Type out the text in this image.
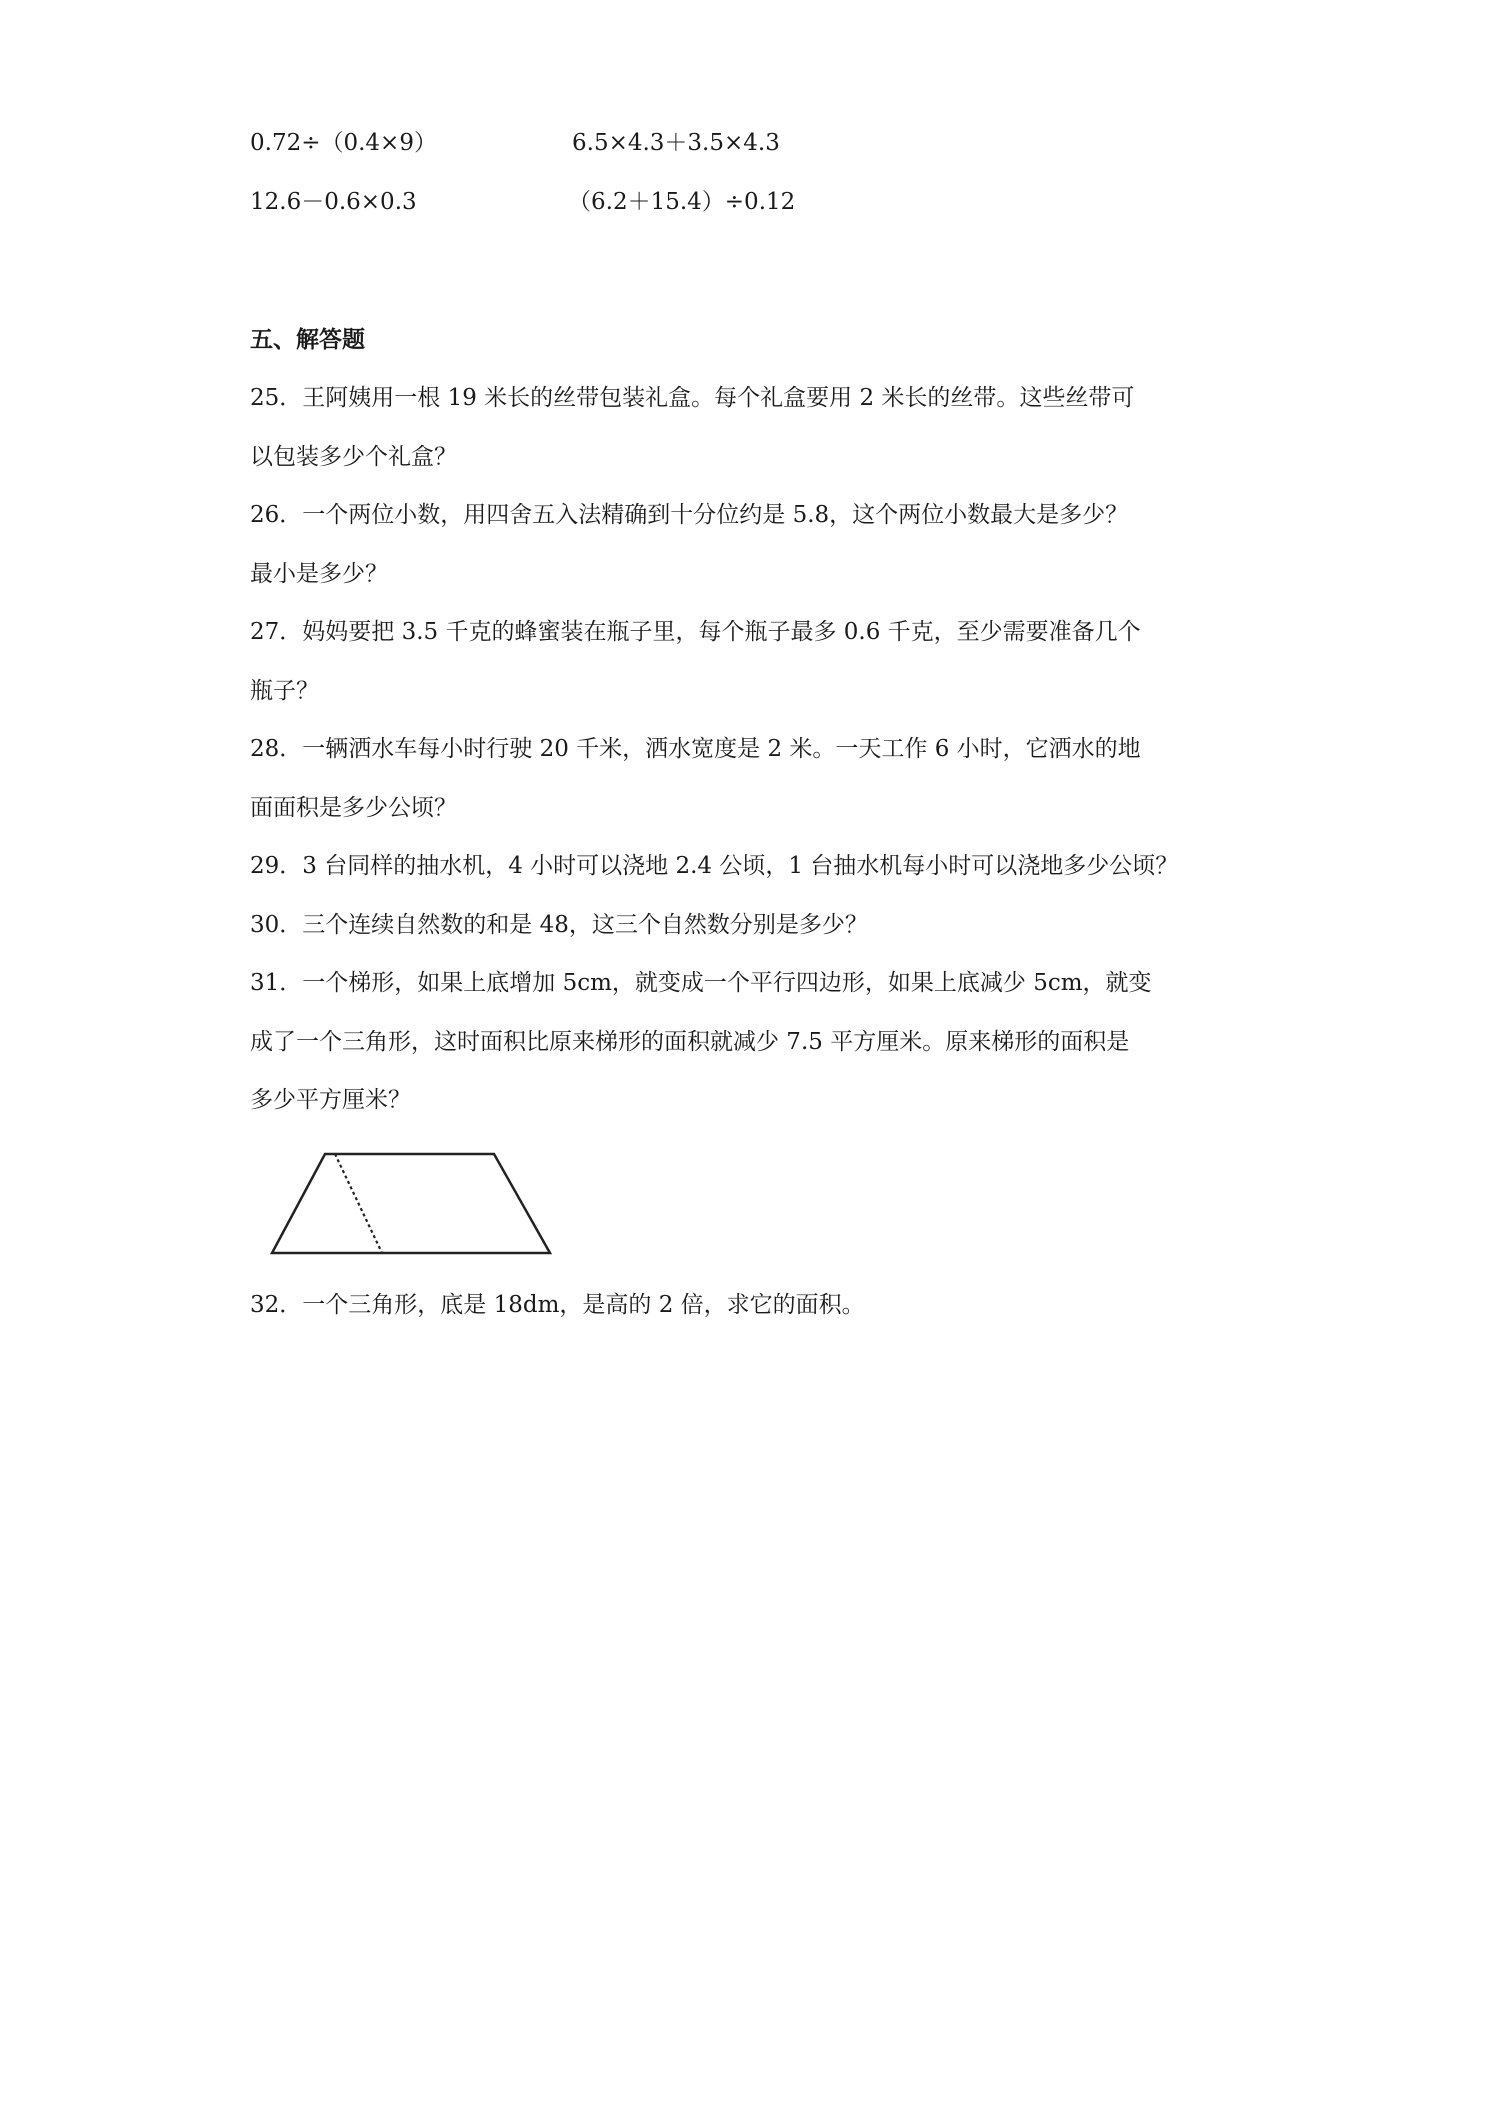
0.72÷（0.4×9）	6.5×4.3＋3.5×4.3
12.6－0.6×0.3	（6.2＋15.4）÷0.12
五、解答题
25．王阿姨用一根 19 米长的丝带包装礼盒。每个礼盒要用 2 米长的丝带。这些丝带可
以包装多少个礼盒？
26．一个两位小数，用四舍五入法精确到十分位约是 5.8，这个两位小数最大是多少？
最小是多少？
27．妈妈要把 3.5 千克的蜂蜜装在瓶子里，每个瓶子最多 0.6 千克，至少需要准备几个
瓶子？
28．一辆洒水车每小时行驶 20 千米，洒水宽度是 2 米。一天工作 6 小时，它洒水的地
面面积是多少公顷？
29．3 台同样的抽水机，4 小时可以浇地 2.4 公顷，1 台抽水机每小时可以浇地多少公顷？
30．三个连续自然数的和是 48，这三个自然数分别是多少？
31．一个梯形，如果上底增加 5cm，就变成一个平行四边形，如果上底减少 5cm，就变
成了一个三角形，这时面积比原来梯形的面积就减少 7.5 平方厘米。原来梯形的面积是
多少平方厘米？
32．一个三角形，底是 18dm，是高的 2 倍，求它的面积。
